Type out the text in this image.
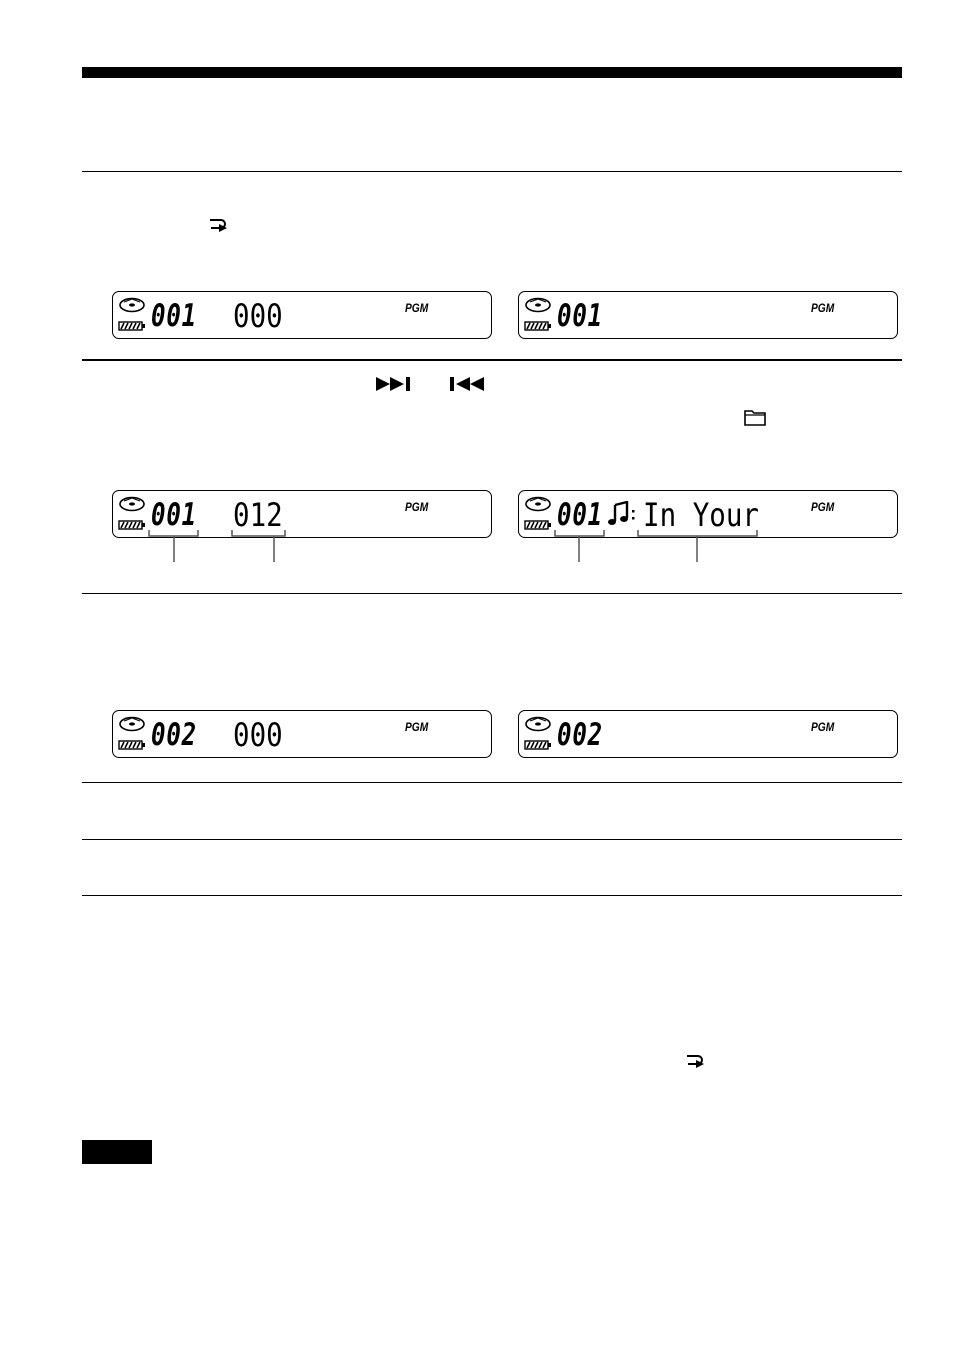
001 000	PGM	001	PGM
001 012	PGM	001 In Your	PGM
002 000	PGM	002	PGM
